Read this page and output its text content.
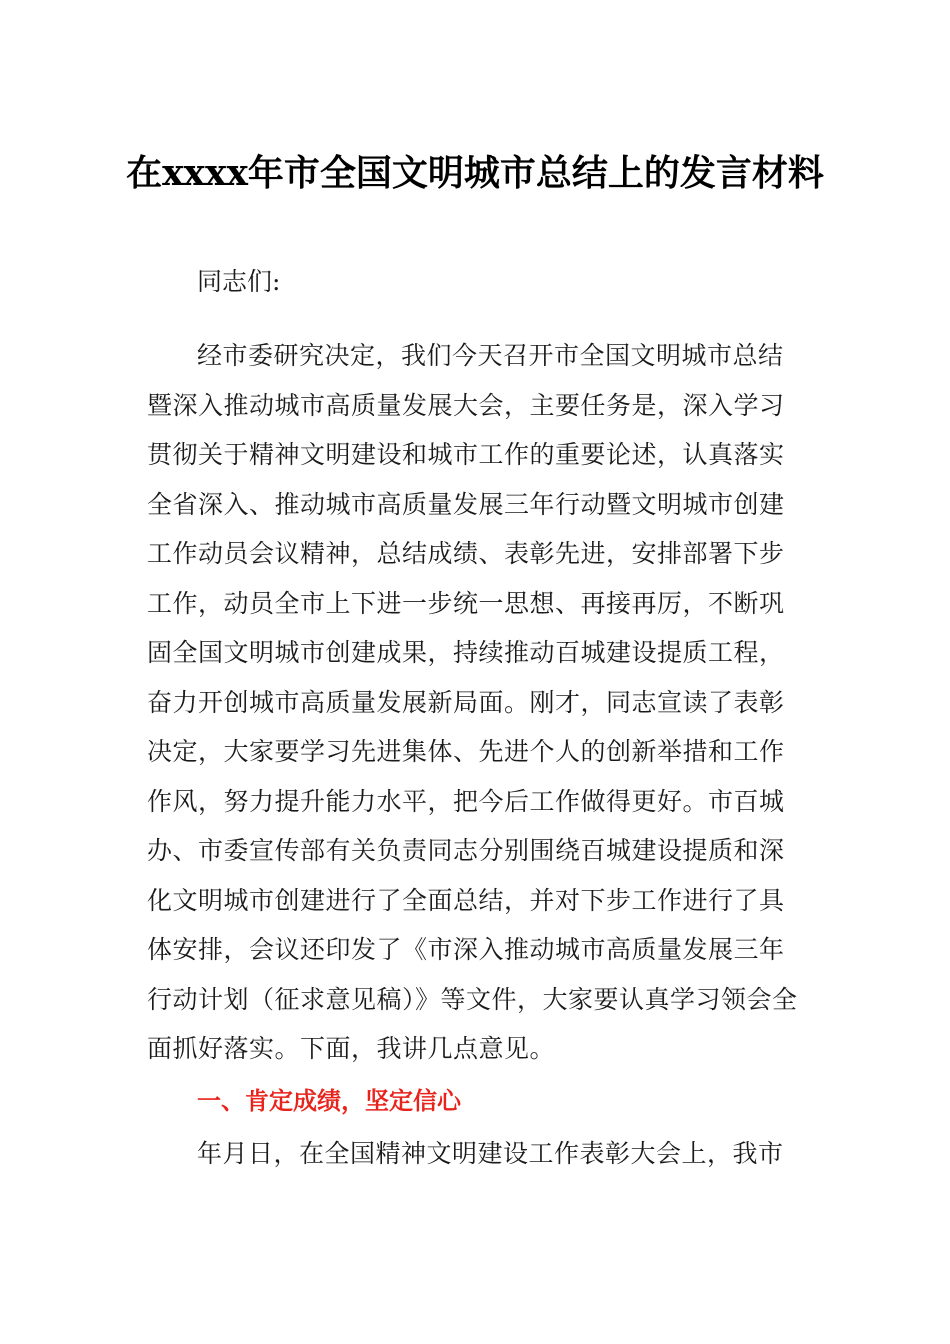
在xxxx年市全国文明城市总结上的发言材料

同志们:

经市委研究决定，我们今天召开市全国文明城市总结暨深入推动城市高质量发展大会，主要任务是，深入学习贯彻关于精神文明建设和城市工作的重要论述，认真落实全省深入、推动城市高质量发展三年行动暨文明城市创建工作动员会议精神，总结成绩、表彰先进，安排部署下步工作，动员全市上下进一步统一思想、再接再厉，不断巩固全国文明城市创建成果，持续推动百城建设提质工程，奋力开创城市高质量发展新局面。刚才，同志宣读了表彰决定，大家要学习先进集体、先进个人的创新举措和工作作风，努力提升能力水平，把今后工作做得更好。市百城办、市委宣传部有关负责同志分别围绕百城建设提质和深化文明城市创建进行了全面总结，并对下步工作进行了具体安排，会议还印发了《市深入推动城市高质量发展三年行动计划（征求意见稿）》等文件，大家要认真学习领会全面抓好落实。下面，我讲几点意见。

一、肯定成绩，坚定信心

年月日，在全国精神文明建设工作表彰大会上，我市
